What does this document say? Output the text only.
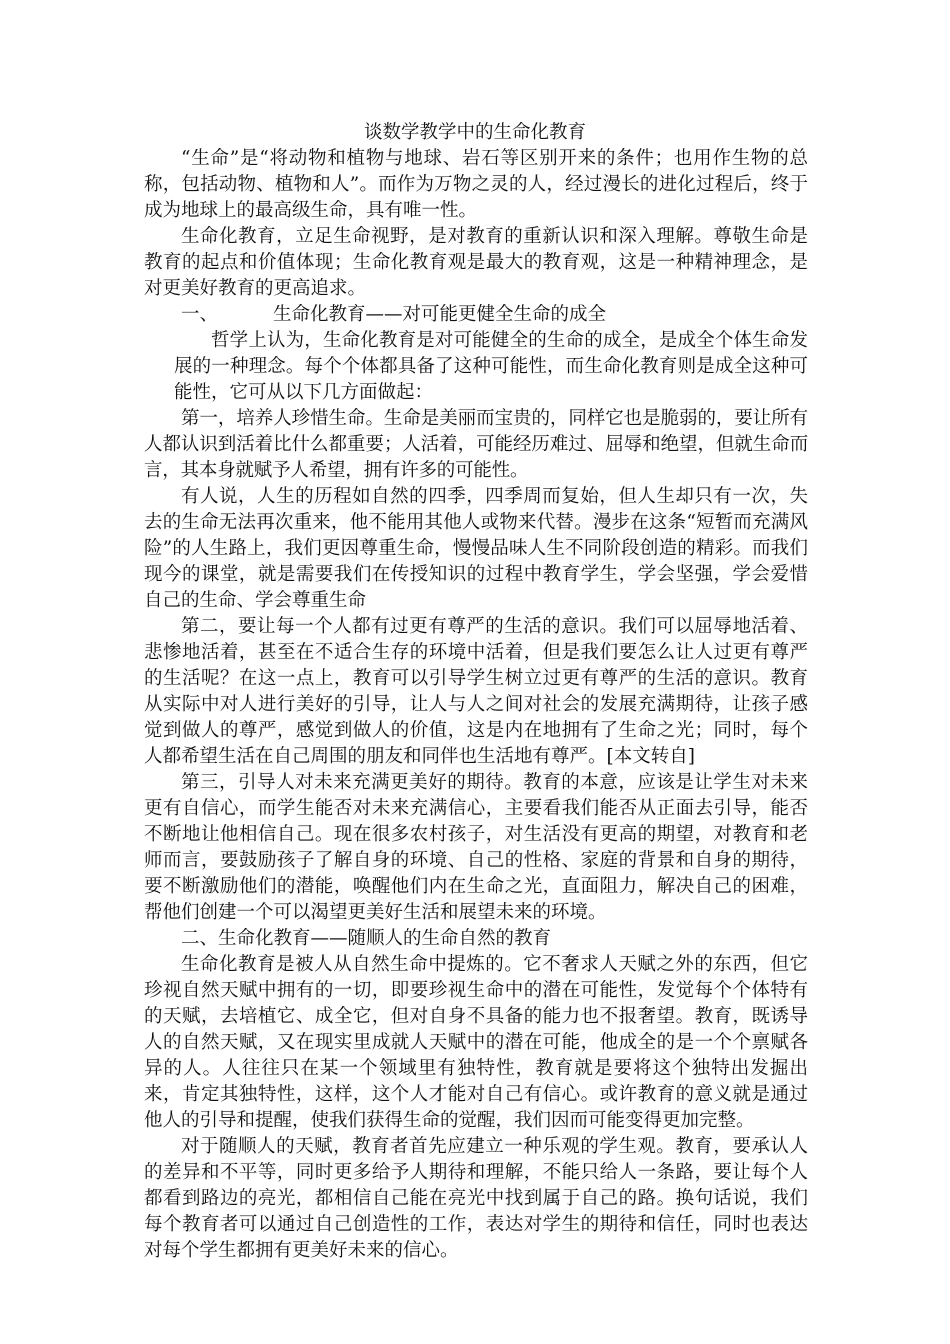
谈数学教学中的生命化教育

“生命”是“将动物和植物与地球、岩石等区别开来的条件；也用作生物的总称，包括动物、植物和人”。而作为万物之灵的人，经过漫长的进化过程后，终于成为地球上的最高级生命，具有唯一性。

生命化教育，立足生命视野，是对教育的重新认识和深入理解。尊敬生命是教育的起点和价值体现；生命化教育观是最大的教育观，这是一种精神理念，是对更美好教育的更高追求。

一、	生命化教育——对可能更健全生命的成全

哲学上认为，生命化教育是对可能健全的生命的成全，是成全个体生命发展的一种理念。每个个体都具备了这种可能性，而生命化教育则是成全这种可能性，它可从以下几方面做起：

第一，培养人珍惜生命。生命是美丽而宝贵的，同样它也是脆弱的，要让所有人都认识到活着比什么都重要；人活着，可能经历难过、屈辱和绝望，但就生命而言，其本身就赋予人希望，拥有许多的可能性。

有人说，人生的历程如自然的四季，四季周而复始，但人生却只有一次，失去的生命无法再次重来，他不能用其他人或物来代替。漫步在这条“短暂而充满风险”的人生路上，我们更因尊重生命，慢慢品味人生不同阶段创造的精彩。而我们现今的课堂，就是需要我们在传授知识的过程中教育学生，学会坚强，学会爱惜自己的生命、学会尊重生命

第二，要让每一个人都有过更有尊严的生活的意识。我们可以屈辱地活着、悲惨地活着，甚至在不适合生存的环境中活着，但是我们要怎么让人过更有尊严的生活呢？在这一点上，教育可以引导学生树立过更有尊严的生活的意识。教育从实际中对人进行美好的引导，让人与人之间对社会的发展充满期待，让孩子感觉到做人的尊严，感觉到做人的价值，这是内在地拥有了生命之光；同时，每个人都希望生活在自己周围的朋友和同伴也生活地有尊严。[本文转自]

第三，引导人对未来充满更美好的期待。教育的本意，应该是让学生对未来更有自信心，而学生能否对未来充满信心，主要看我们能否从正面去引导，能否不断地让他相信自己。现在很多农村孩子，对生活没有更高的期望，对教育和老师而言，要鼓励孩子了解自身的环境、自己的性格、家庭的背景和自身的期待，要不断激励他们的潜能，唤醒他们内在生命之光，直面阻力，解决自己的困难，帮他们创建一个可以渴望更美好生活和展望未来的环境。

二、生命化教育——随顺人的生命自然的教育

生命化教育是被人从自然生命中提炼的。它不奢求人天赋之外的东西，但它珍视自然天赋中拥有的一切，即要珍视生命中的潜在可能性，发觉每个个体特有的天赋，去培植它、成全它，但对自身不具备的能力也不报奢望。教育，既诱导人的自然天赋，又在现实里成就人天赋中的潜在可能，他成全的是一个个禀赋各异的人。人往往只在某一个领域里有独特性，教育就是要将这个独特出发掘出来，肯定其独特性，这样，这个人才能对自己有信心。或许教育的意义就是通过他人的引导和提醒，使我们获得生命的觉醒，我们因而可能变得更加完整。

对于随顺人的天赋，教育者首先应建立一种乐观的学生观。教育，要承认人的差异和不平等，同时更多给予人期待和理解，不能只给人一条路，要让每个人都看到路边的亮光，都相信自己能在亮光中找到属于自己的路。换句话说，我们每个教育者可以通过自己创造性的工作，表达对学生的期待和信任，同时也表达对每个学生都拥有更美好未来的信心。
